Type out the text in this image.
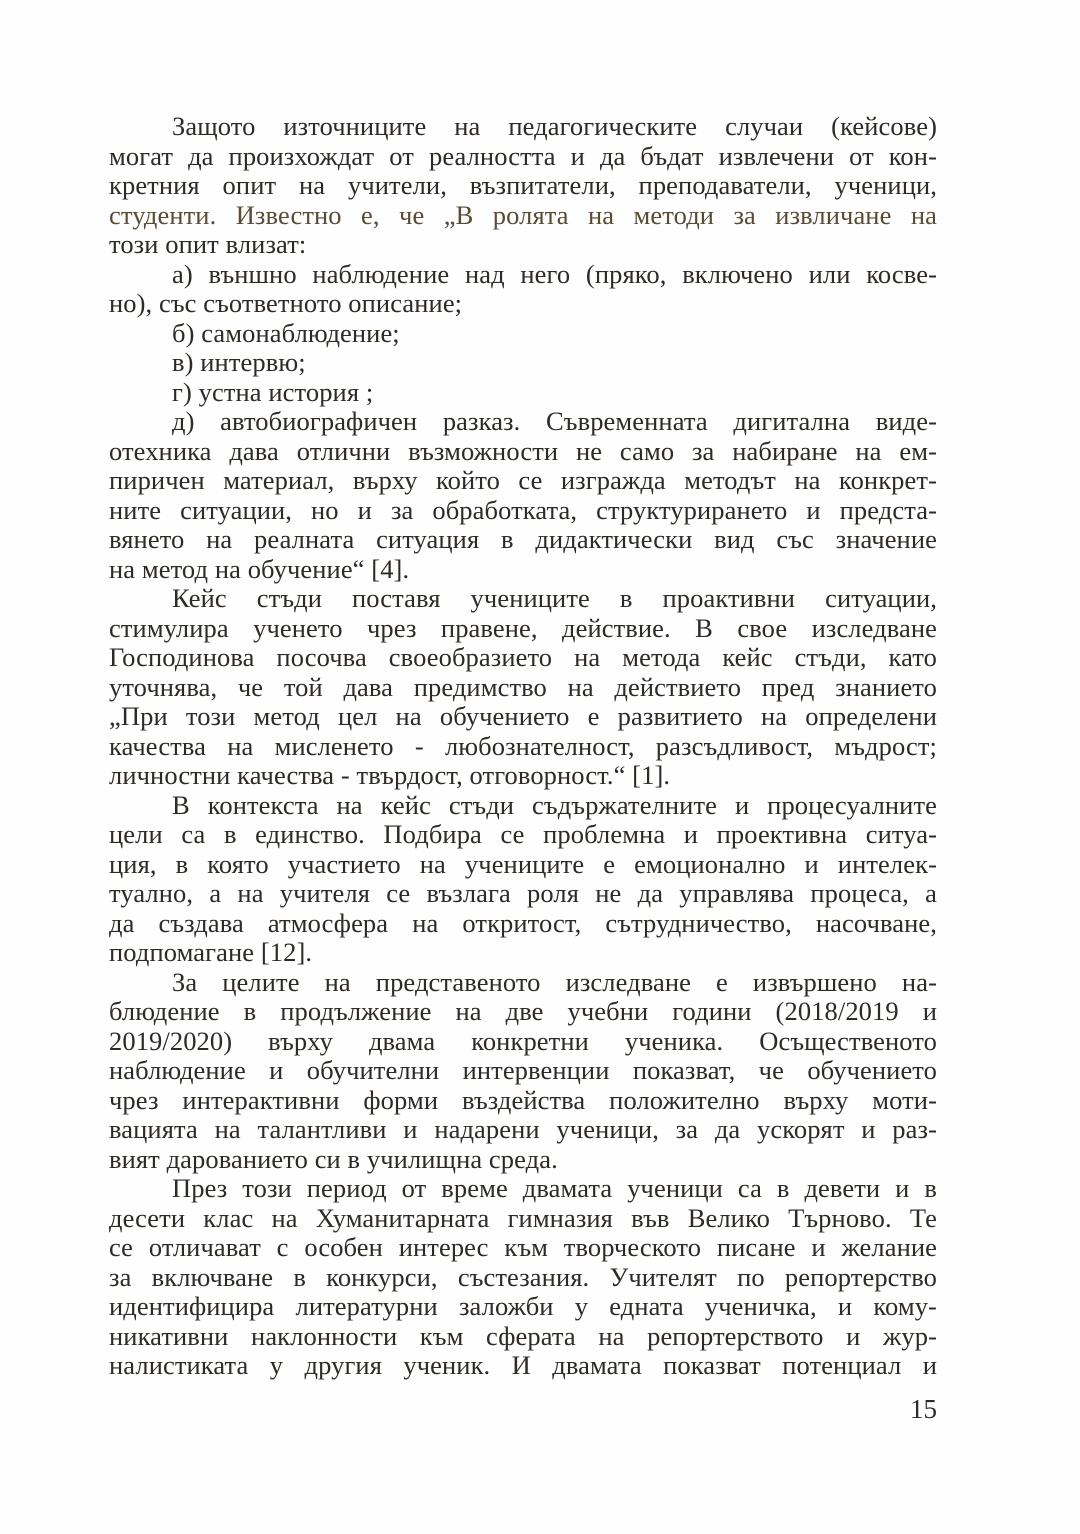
Защото източниците на педагогическите случаи (кейсове)
могат да произхождат от реалността и да бъдат извлечени от кон-
кретния опит на учители, възпитатели, преподаватели, ученици,
студенти. Известно е, че „В ролята на методи за извличане на
този опит влизат:
а) външно наблюдение над него (пряко, включено или косве-
но), със съответното описание;
б) самонаблюдение;
в) интервю;
г) устна история ;
д) автобиографичен разказ. Съвременната дигитална виде-
отехника дава отлични възможности не само за набиране на ем-
пиричен материал, върху който се изгражда методът на конкрет-
ните ситуации, но и за обработката, структурирането и предста-
вянето на реалната ситуация в дидактически вид със значение
на метод на обучение“ [4].
Кейс стъди поставя учениците в проактивни ситуации,
стимулира ученето чрез правене, действие. В свое изследване
Господинова посочва своеобразието на метода кейс стъди, като
уточнява, че той дава предимство на действието пред знанието
„При този метод цел на обучението е развитието на определени
качества на мисленето - любознателност, разсъдливост, мъдрост;
личностни качества - твърдост, отговорност.“ [1].
В контекста на кейс стъди съдържателните и процесуалните
цели са в единство. Подбира се проблемна и проективна ситуа-
ция, в която участието на учениците е емоционално и интелек-
туално, а на учителя се възлага роля не да управлява процеса, а
да създава атмосфера на откритост, сътрудничество, насочване,
подпомагане [12].
За целите на представеното изследване е извършено на-
блюдение в продължение на две учебни години (2018/2019 и
2019/2020) върху двама конкретни ученика. Осъщественото
наблюдение и обучителни интервенции показват, че обучението
чрез интерактивни форми въздейства положително върху моти-
вацията на талантливи и надарени ученици, за да ускорят и раз-
вият дарованието си в училищна среда.
През този период от време двамата ученици са в девети и в
десети клас на Хуманитарната гимназия във Велико Търново. Те
се отличават с особен интерес към творческото писане и желание
за включване в конкурси, състезания. Учителят по репортерство
идентифицира литературни заложби у едната ученичка, и кому-
никативни наклонности към сферата на репортерството и жур-
налистиката у другия ученик. И двамата показват потенциал и
15
